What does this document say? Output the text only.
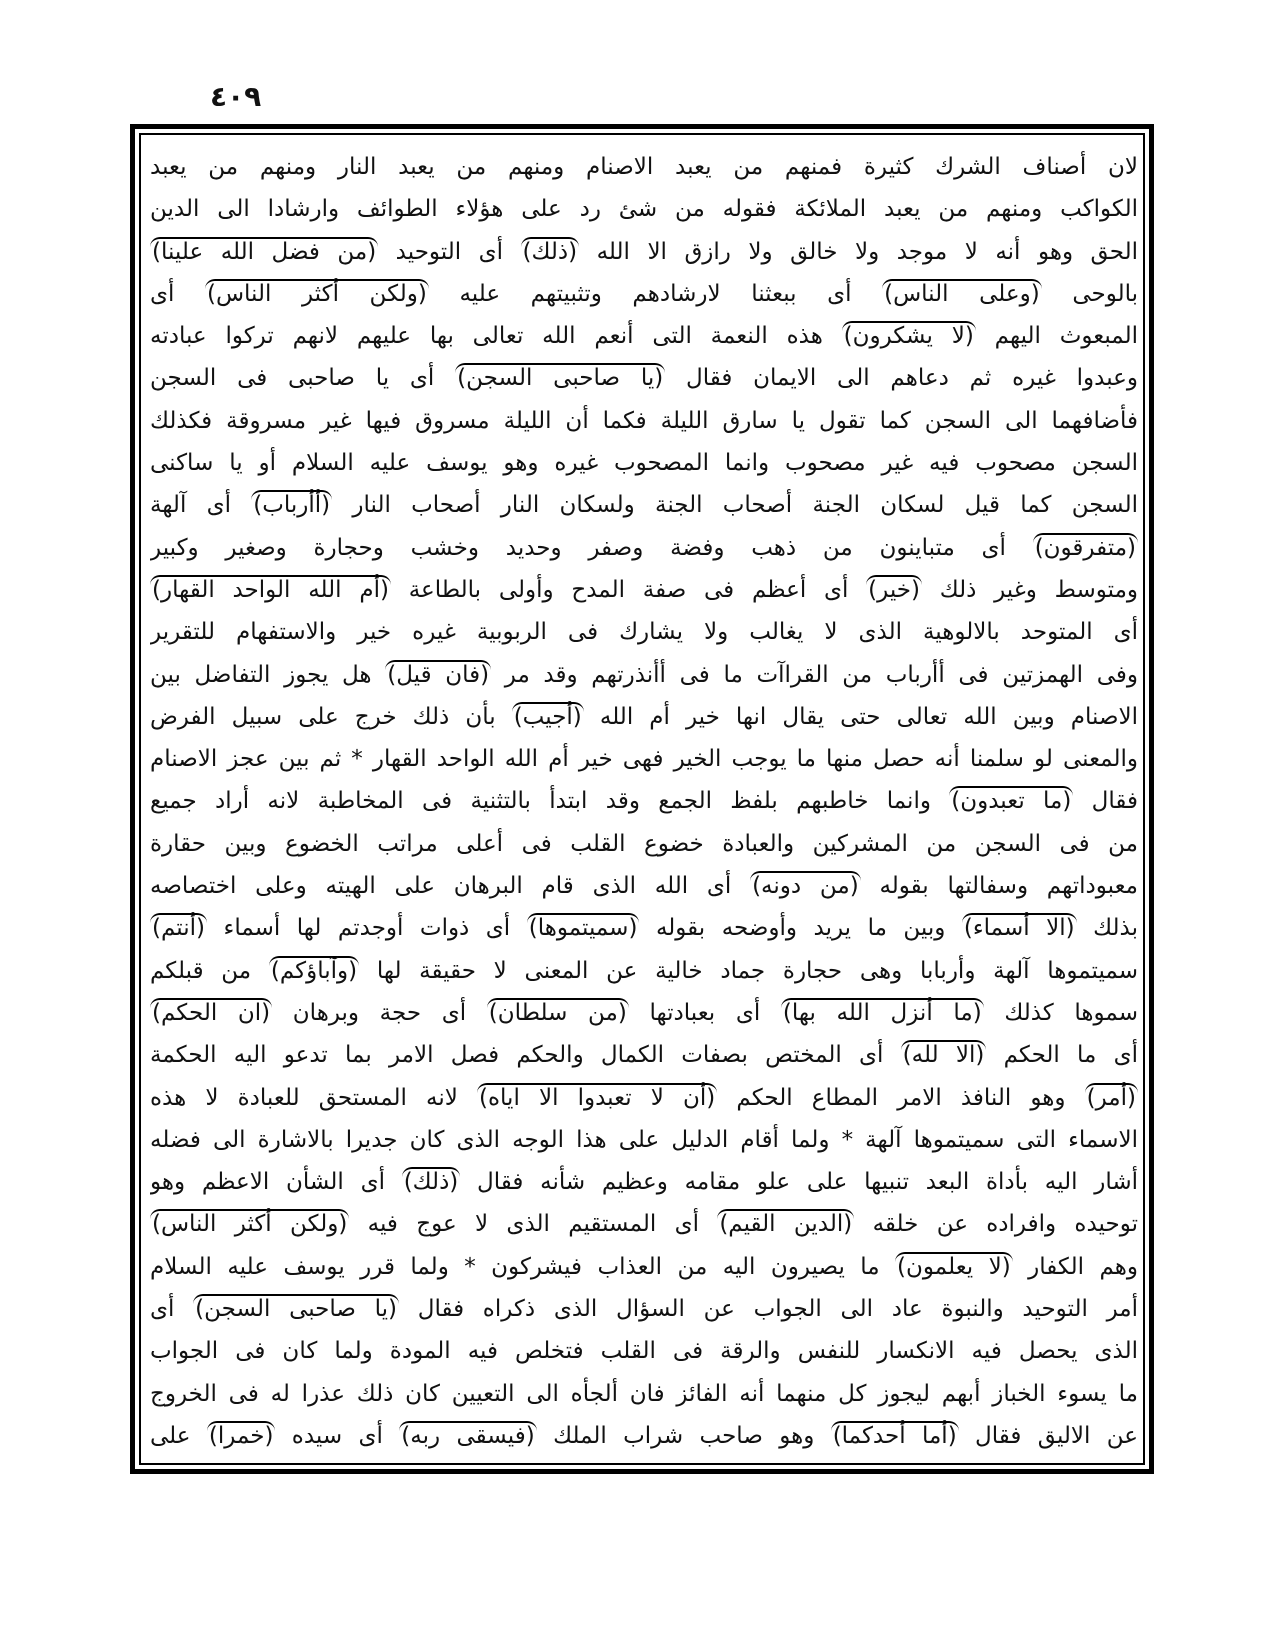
٤٠٩
لان أصناف الشرك كثيرة فمنهم من يعبد الاصنام ومنهم من يعبد النار ومنهم من يعبد
الكواكب ومنهم من يعبد الملائكة فقوله من شئ رد على هؤلاء الطوائف وارشادا الى الدين
الحق وهو أنه لا موجد ولا خالق ولا رازق الا الله (ذلك) أى التوحيد (من فضل الله علينا)
بالوحى (وعلى الناس) أى ببعثنا لارشادهم وتثبيتهم عليه (ولكن أكثر الناس) أى
المبعوث اليهم (لا يشكرون) هذه النعمة التى أنعم الله تعالى بها عليهم لانهم تركوا عبادته
وعبدوا غيره ثم دعاهم الى الايمان فقال (يا صاحبى السجن) أى يا صاحبى فى السجن
فأضافهما الى السجن كما تقول يا سارق الليلة فكما أن الليلة مسروق فيها غير مسروقة فكذلك
السجن مصحوب فيه غير مصحوب وانما المصحوب غيره وهو يوسف عليه السلام أو يا ساكنى
السجن كما قيل لسكان الجنة أصحاب الجنة ولسكان النار أصحاب النار (أأرباب) أى آلهة
(متفرقون) أى متباينون من ذهب وفضة وصفر وحديد وخشب وحجارة وصغير وكبير
ومتوسط وغير ذلك (خير) أى أعظم فى صفة المدح وأولى بالطاعة (أم الله الواحد القهار)
أى المتوحد بالالوهية الذى لا يغالب ولا يشارك فى الربوبية غيره خير والاستفهام للتقرير
وفى الهمزتين فى أأرباب من القراآت ما فى أأنذرتهم وقد مر (فان قيل) هل يجوز التفاضل بين
الاصنام وبين الله تعالى حتى يقال انها خير أم الله (أجيب) بأن ذلك خرج على سبيل الفرض
والمعنى لو سلمنا أنه حصل منها ما يوجب الخير فهى خير أم الله الواحد القهار * ثم بين عجز الاصنام
فقال (ما تعبدون) وانما خاطبهم بلفظ الجمع وقد ابتدأ بالتثنية فى المخاطبة لانه أراد جميع
من فى السجن من المشركين والعبادة خضوع القلب فى أعلى مراتب الخضوع وبين حقارة
معبوداتهم وسفالتها بقوله (من دونه) أى الله الذى قام البرهان على الهيته وعلى اختصاصه
بذلك (الا أسماء) وبين ما يريد وأوضحه بقوله (سميتموها) أى ذوات أوجدتم لها أسماء (أنتم)
سميتموها آلهة وأربابا وهى حجارة جماد خالية عن المعنى لا حقيقة لها (وآباؤكم) من قبلكم
سموها كذلك (ما أنزل الله بها) أى بعبادتها (من سلطان) أى حجة وبرهان (ان الحكم)
أى ما الحكم (الا لله) أى المختص بصفات الكمال والحكم فصل الامر بما تدعو اليه الحكمة
(أمر) وهو النافذ الامر المطاع الحكم (أن لا تعبدوا الا اياه) لانه المستحق للعبادة لا هذه
الاسماء التى سميتموها آلهة * ولما أقام الدليل على هذا الوجه الذى كان جديرا بالاشارة الى فضله
أشار اليه بأداة البعد تنبيها على علو مقامه وعظيم شأنه فقال (ذلك) أى الشأن الاعظم وهو
توحيده وافراده عن خلقه (الدين القيم) أى المستقيم الذى لا عوج فيه (ولكن أكثر الناس)
وهم الكفار (لا يعلمون) ما يصيرون اليه من العذاب فيشركون * ولما قرر يوسف عليه السلام
أمر التوحيد والنبوة عاد الى الجواب عن السؤال الذى ذكراه فقال (يا صاحبى السجن) أى
الذى يحصل فيه الانكسار للنفس والرقة فى القلب فتخلص فيه المودة ولما كان فى الجواب
ما يسوء الخباز أبهم ليجوز كل منهما أنه الفائز فان ألجأه الى التعيين كان ذلك عذرا له فى الخروج
عن الاليق فقال (أما أحدكما) وهو صاحب شراب الملك (فيسقى ربه) أى سيده (خمرا) على
